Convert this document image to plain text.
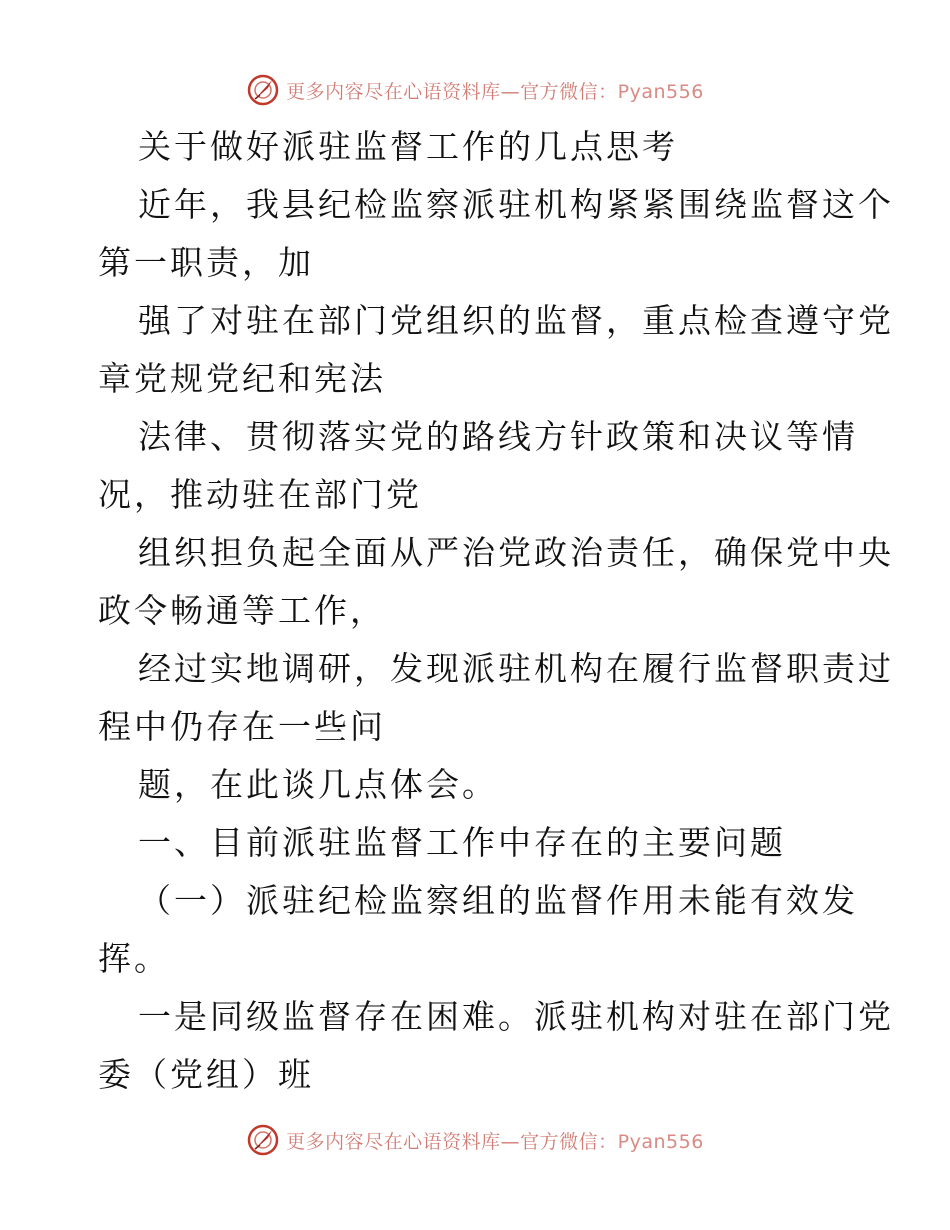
更多内容尽在心语资料库—官方微信：Pyan556
关于做好派驻监督工作的几点思考
近年，我县纪检监察派驻机构紧紧围绕监督这个
第一职责，加
强了对驻在部门党组织的监督，重点检查遵守党
章党规党纪和宪法
法律、贯彻落实党的路线方针政策和决议等情
况，推动驻在部门党
组织担负起全面从严治党政治责任，确保党中央
政令畅通等工作，
经过实地调研，发现派驻机构在履行监督职责过
程中仍存在一些问
题，在此谈几点体会。
一、目前派驻监督工作中存在的主要问题
（一）派驻纪检监察组的监督作用未能有效发
挥。
一是同级监督存在困难。派驻机构对驻在部门党
委（党组）班
更多内容尽在心语资料库—官方微信：Pyan556
